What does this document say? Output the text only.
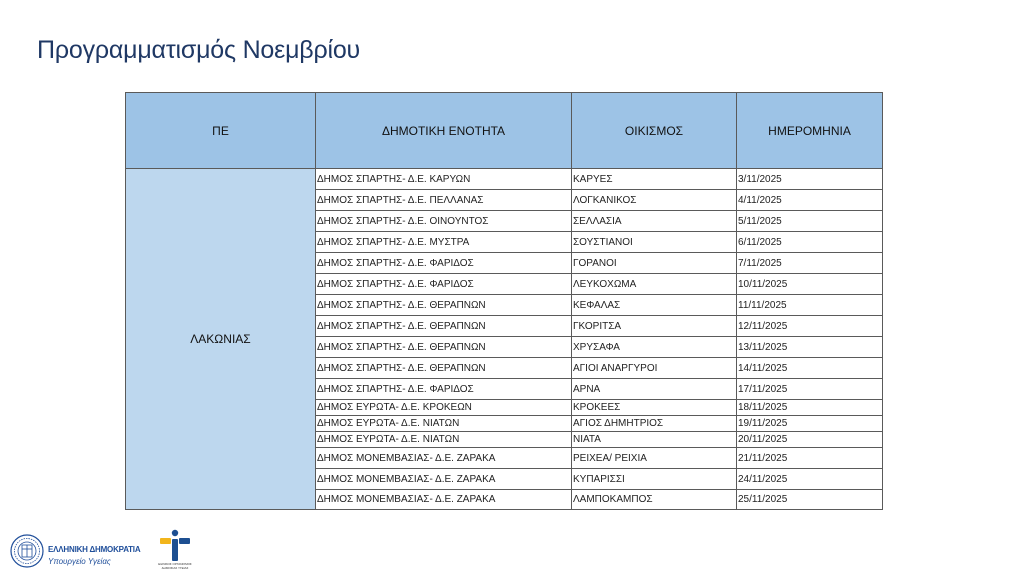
Προγραμματισμός Νοεμβρίου
ΠΕ	ΔΗΜΟΤΙΚΗ ΕΝΟΤΗΤΑ	ΟΙΚΙΣΜΟΣ	ΗΜΕΡΟΜΗΝΙΑ
ΛΑΚΩΝΙΑΣ	ΔΗΜΟΣ ΣΠΑΡΤΗΣ- Δ.Ε. ΚΑΡΥΩΝ	ΚΑΡΥΕΣ	3/11/2025
	ΔΗΜΟΣ ΣΠΑΡΤΗΣ- Δ.Ε. ΠΕΛΛΑΝΑΣ	ΛΟΓΚΑΝΙΚΟΣ	4/11/2025
	ΔΗΜΟΣ ΣΠΑΡΤΗΣ- Δ.Ε. ΟΙΝΟΥΝΤΟΣ	ΣΕΛΛΑΣΙΑ	5/11/2025
	ΔΗΜΟΣ ΣΠΑΡΤΗΣ- Δ.Ε. ΜΥΣΤΡΑ	ΣΟΥΣΤΙΑΝΟΙ	6/11/2025
	ΔΗΜΟΣ ΣΠΑΡΤΗΣ- Δ.Ε. ΦΑΡΙΔΟΣ	ΓΟΡΑΝΟΙ	7/11/2025
	ΔΗΜΟΣ ΣΠΑΡΤΗΣ- Δ.Ε. ΦΑΡΙΔΟΣ	ΛΕΥΚΟΧΩΜΑ	10/11/2025
	ΔΗΜΟΣ ΣΠΑΡΤΗΣ- Δ.Ε. ΘΕΡΑΠΝΩΝ	ΚΕΦΑΛΑΣ	11/11/2025
	ΔΗΜΟΣ ΣΠΑΡΤΗΣ- Δ.Ε. ΘΕΡΑΠΝΩΝ	ΓΚΟΡΙΤΣΑ	12/11/2025
	ΔΗΜΟΣ ΣΠΑΡΤΗΣ- Δ.Ε. ΘΕΡΑΠΝΩΝ	ΧΡΥΣΑΦΑ	13/11/2025
	ΔΗΜΟΣ ΣΠΑΡΤΗΣ- Δ.Ε. ΘΕΡΑΠΝΩΝ	ΑΓΙΟΙ ΑΝΑΡΓΥΡΟΙ	14/11/2025
	ΔΗΜΟΣ ΣΠΑΡΤΗΣ- Δ.Ε. ΦΑΡΙΔΟΣ	ΑΡΝΑ	17/11/2025
	ΔΗΜΟΣ ΕΥΡΩΤΑ- Δ.Ε. ΚΡΟΚΕΩΝ	ΚΡΟΚΕΕΣ	18/11/2025
	ΔΗΜΟΣ ΕΥΡΩΤΑ- Δ.Ε. ΝΙΑΤΩΝ	ΑΓΙΟΣ ΔΗΜΗΤΡΙΟΣ	19/11/2025
	ΔΗΜΟΣ ΕΥΡΩΤΑ- Δ.Ε. ΝΙΑΤΩΝ	ΝΙΑΤΑ	20/11/2025
	ΔΗΜΟΣ ΜΟΝΕΜΒΑΣΙΑΣ- Δ.Ε. ΖΑΡΑΚΑ	ΡΕΙΧΕΑ/ ΡΕΙΧΙΑ	21/11/2025
	ΔΗΜΟΣ ΜΟΝΕΜΒΑΣΙΑΣ- Δ.Ε. ΖΑΡΑΚΑ	ΚΥΠΑΡΙΣΣΙ	24/11/2025
	ΔΗΜΟΣ ΜΟΝΕΜΒΑΣΙΑΣ- Δ.Ε. ΖΑΡΑΚΑ	ΛΑΜΠΟΚΑΜΠΟΣ	25/11/2025
ΕΛΛΗΝΙΚΗ ΔΗΜΟΚΡΑΤΙΑ
Υπουργείο Υγείας	ΕΘΝΙΚΟΣ ΟΡΓΑΝΙΣΜΟΣ ΔΗΜΟΣΙΑΣ ΥΓΕΙΑΣ
